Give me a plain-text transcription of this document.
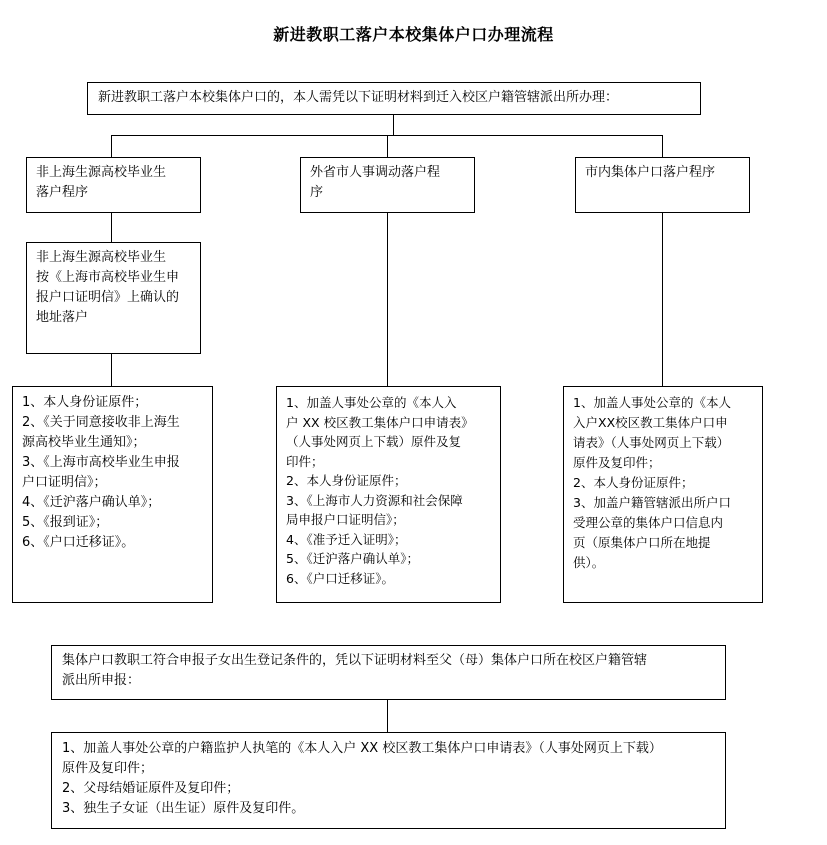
新进教职工落户本校集体户口办理流程
新进教职工落户本校集体户口的，本人需凭以下证明材料到迁入校区户籍管辖派出所办理：
非上海生源高校毕业生
落户程序
非上海生源高校毕业生
按《上海市高校毕业生申
报户口证明信》上确认的
地址落户
1、本人身份证原件；
2、《关于同意接收非上海生
源高校毕业生通知》；
3、《上海市高校毕业生申报
户口证明信》；
4、《迁沪落户确认单》；
5、《报到证》；
6、《户口迁移证》。
外省市人事调动落户程
序
1、加盖人事处公章的《本人入
户 XX 校区教工集体户口申请表》
（人事处网页上下载）原件及复
印件；
2、本人身份证原件；
3、《上海市人力资源和社会保障
局申报户口证明信》；
4、《准予迁入证明》；
5、《迁沪落户确认单》；
6、《户口迁移证》。
市内集体户口落户程序
1、加盖人事处公章的《本人
入户XX校区教工集体户口申
请表》（人事处网页上下载）
原件及复印件；
2、本人身份证原件；
3、加盖户籍管辖派出所户口
受理公章的集体户口信息内
页（原集体户口所在地提
供）。
集体户口教职工符合申报子女出生登记条件的，凭以下证明材料至父（母）集体户口所在校区户籍管辖
派出所申报：
1、加盖人事处公章的户籍监护人执笔的《本人入户 XX 校区教工集体户口申请表》（人事处网页上下载）
原件及复印件；
2、父母结婚证原件及复印件；
3、独生子女证（出生证）原件及复印件。
